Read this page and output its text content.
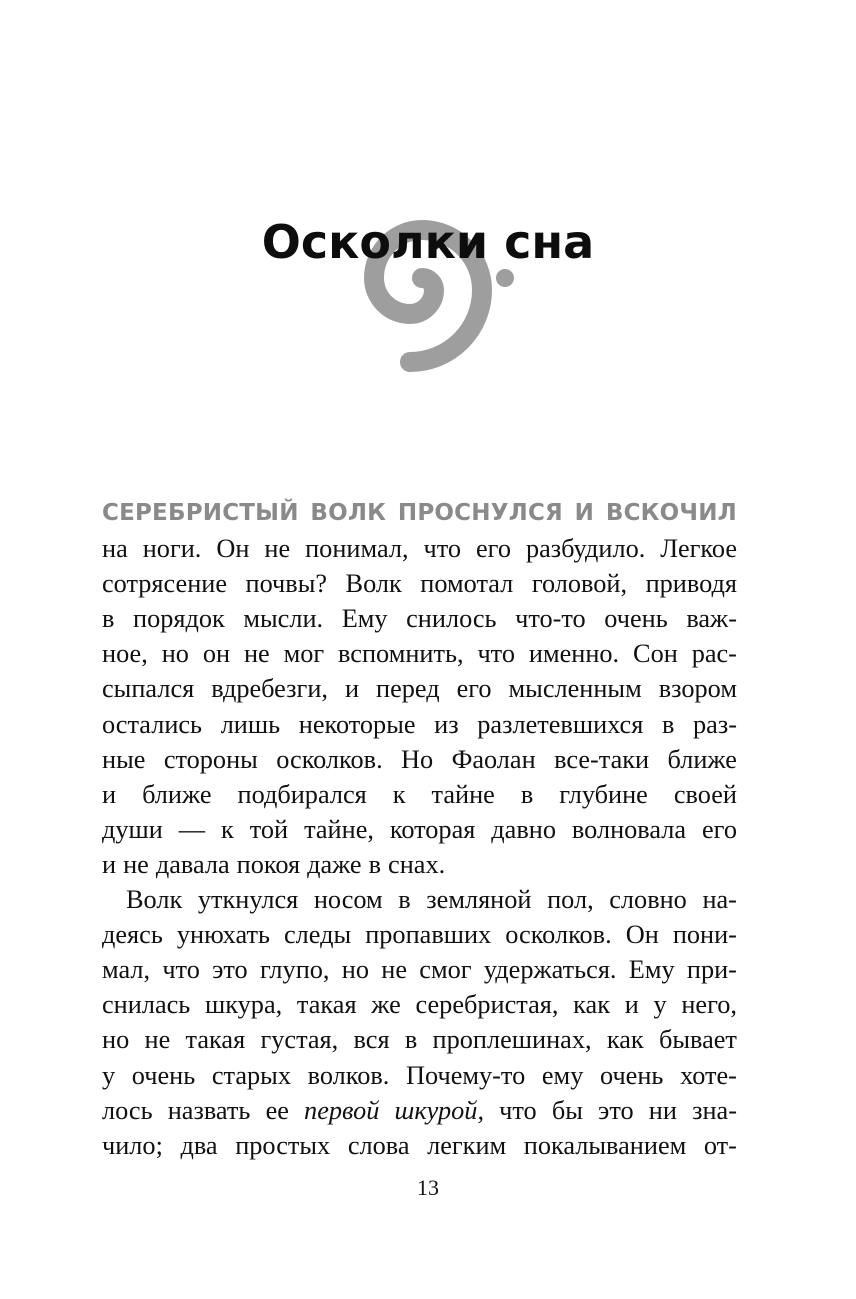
Осколки сна
СЕРЕБРИСТЫЙ ВОЛК ПРОСНУЛСЯ И ВСКОЧИЛ
на ноги. Он не понимал, что его разбудило. Легкое
сотрясение почвы? Волк помотал головой, приводя
в порядок мысли. Ему снилось что-то очень важ-
ное, но он не мог вспомнить, что именно. Сон рас-
сыпался вдребезги, и перед его мысленным взором
остались лишь некоторые из разлетевшихся в раз-
ные стороны осколков. Но Фаолан все-таки ближе
и ближе подбирался к тайне в глубине своей
души — к той тайне, которая давно волновала его
и не давала покоя даже в снах.
Волк уткнулся носом в земляной пол, словно на-
деясь унюхать следы пропавших осколков. Он пони-
мал, что это глупо, но не смог удержаться. Ему при-
снилась шкура, такая же серебристая, как и у него,
но не такая густая, вся в проплешинах, как бывает
у очень старых волков. Почему-то ему очень хоте-
лось назвать ее первой шкурой, что бы это ни зна-
чило; два простых слова легким покалыванием от-
13
